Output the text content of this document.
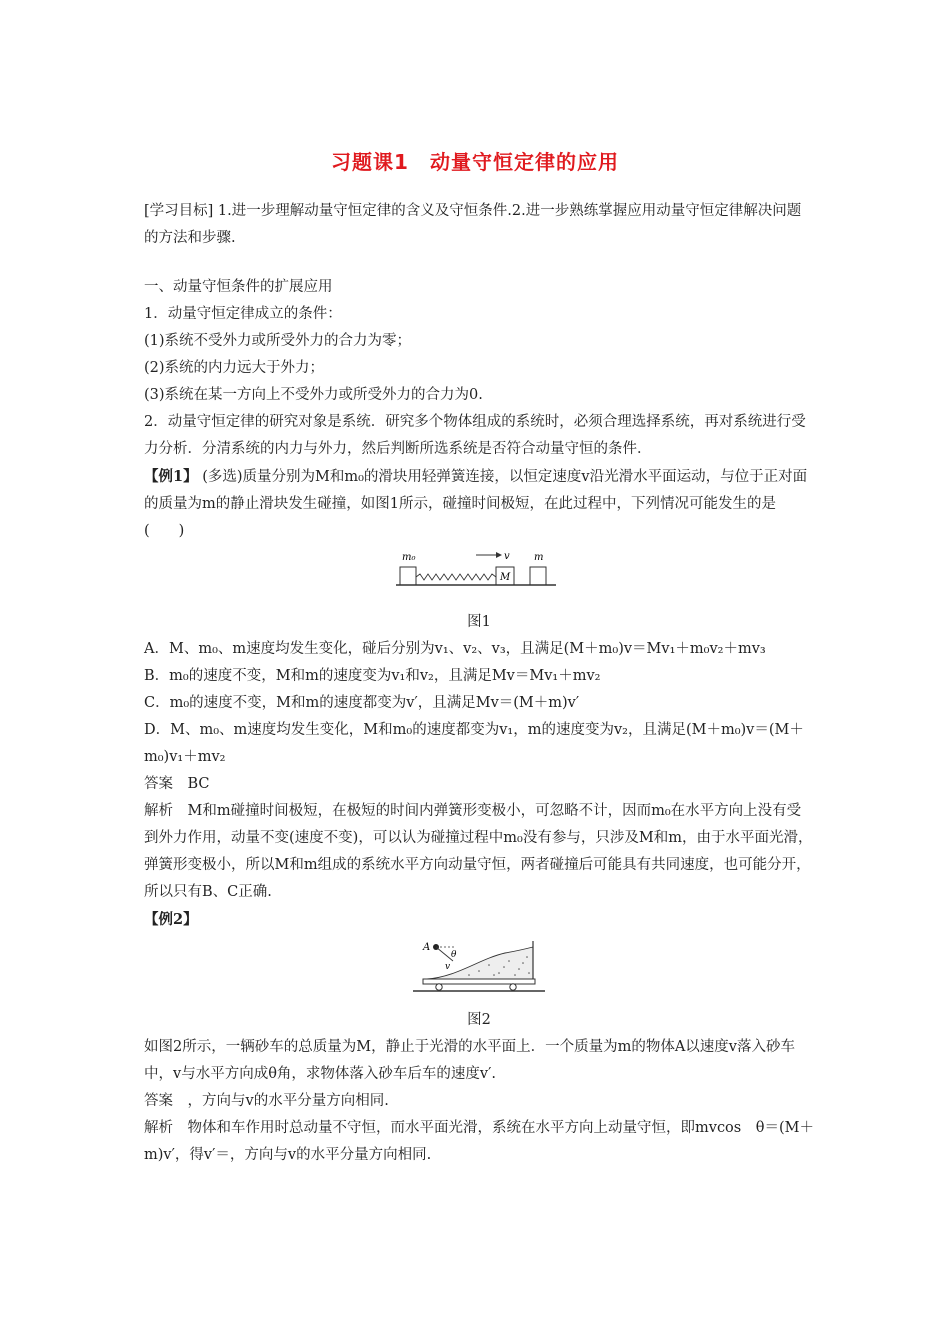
习题课1　动量守恒定律的应用

[学习目标] 1.进一步理解动量守恒定律的含义及守恒条件.2.进一步熟练掌握应用动量守恒定律解决问题的方法和步骤.

一、动量守恒条件的扩展应用

1．动量守恒定律成立的条件：

(1)系统不受外力或所受外力的合力为零；

(2)系统的内力远大于外力；

(3)系统在某一方向上不受外力或所受外力的合力为0.

2．动量守恒定律的研究对象是系统．研究多个物体组成的系统时，必须合理选择系统，再对系统进行受力分析．分清系统的内力与外力，然后判断所选系统是否符合动量守恒的条件．

【例1】 (多选)质量分别为M和m₀的滑块用轻弹簧连接，以恒定速度v沿光滑水平面运动，与位于正对面的质量为m的静止滑块发生碰撞，如图1所示，碰撞时间极短，在此过程中，下列情况可能发生的是(　　)

m₀	v
M
m

图1

A．M、m₀、m速度均发生变化，碰后分别为v₁、v₂、v₃，且满足(M＋m₀)v＝Mv₁＋m₀v₂＋mv₃

B．m₀的速度不变，M和m的速度变为v₁和v₂，且满足Mv＝Mv₁＋mv₂

C．m₀的速度不变，M和m的速度都变为v′，且满足Mv＝(M＋m)v′

D．M、m₀、m速度均发生变化，M和m₀的速度都变为v₁，m的速度变为v₂，且满足(M＋m₀)v＝(M＋m₀)v₁＋mv₂

答案　BC

解析　M和m碰撞时间极短，在极短的时间内弹簧形变极小，可忽略不计，因而m₀在水平方向上没有受到外力作用，动量不变(速度不变)，可以认为碰撞过程中m₀没有参与，只涉及M和m，由于水平面光滑，弹簧形变极小，所以M和m组成的系统水平方向动量守恒，两者碰撞后可能具有共同速度，也可能分开，所以只有B、C正确.

【例2】

A
θ
v

图2

如图2所示，一辆砂车的总质量为M，静止于光滑的水平面上．一个质量为m的物体A以速度v落入砂车中，v与水平方向成θ角，求物体落入砂车后车的速度v′.

答案　，方向与v的水平分量方向相同.

解析　物体和车作用时总动量不守恒，而水平面光滑，系统在水平方向上动量守恒，即mvcos　θ＝(M＋m)v′，得v′＝，方向与v的水平分量方向相同.
